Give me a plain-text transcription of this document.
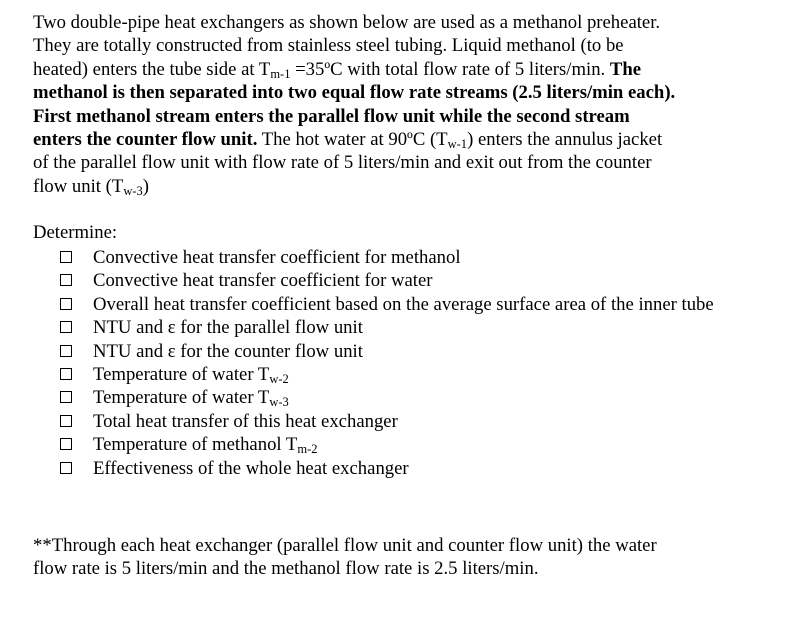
Two double-pipe heat exchangers as shown below are used as a methanol preheater.

They are totally constructed from stainless steel tubing. Liquid methanol (to be

heated) enters the tube side at $T_{m-1}$ =35ºC with total flow rate of 5 liters/min. The

methanol is then separated into two equal flow rate streams (2.5 liters/min each).

First methanol stream enters the parallel flow unit while the second stream

enters the counter flow unit. The hot water at 90ºC $(T_{w-1})$ enters the annulus jacket

of the parallel flow unit with flow rate of 5 liters/min and exit out from the counter

flow unit $(T_{w-3})$

Determine:

Convective heat transfer coefficient for methanol
Convective heat transfer coefficient for water
Overall heat transfer coefficient based on the average surface area of the inner tube
NTU and ε for the parallel flow unit
NTU and ε for the counter flow unit
Temperature of water $T_{w-2}$
Temperature of water $T_{w-3}$
Total heat transfer of this heat exchanger
Temperature of methanol $T_{m-2}$
Effectiveness of the whole heat exchanger
**Through each heat exchanger (parallel flow unit and counter flow unit) the water
flow rate is 5 liters/min and the methanol flow rate is 2.5 liters/min.
